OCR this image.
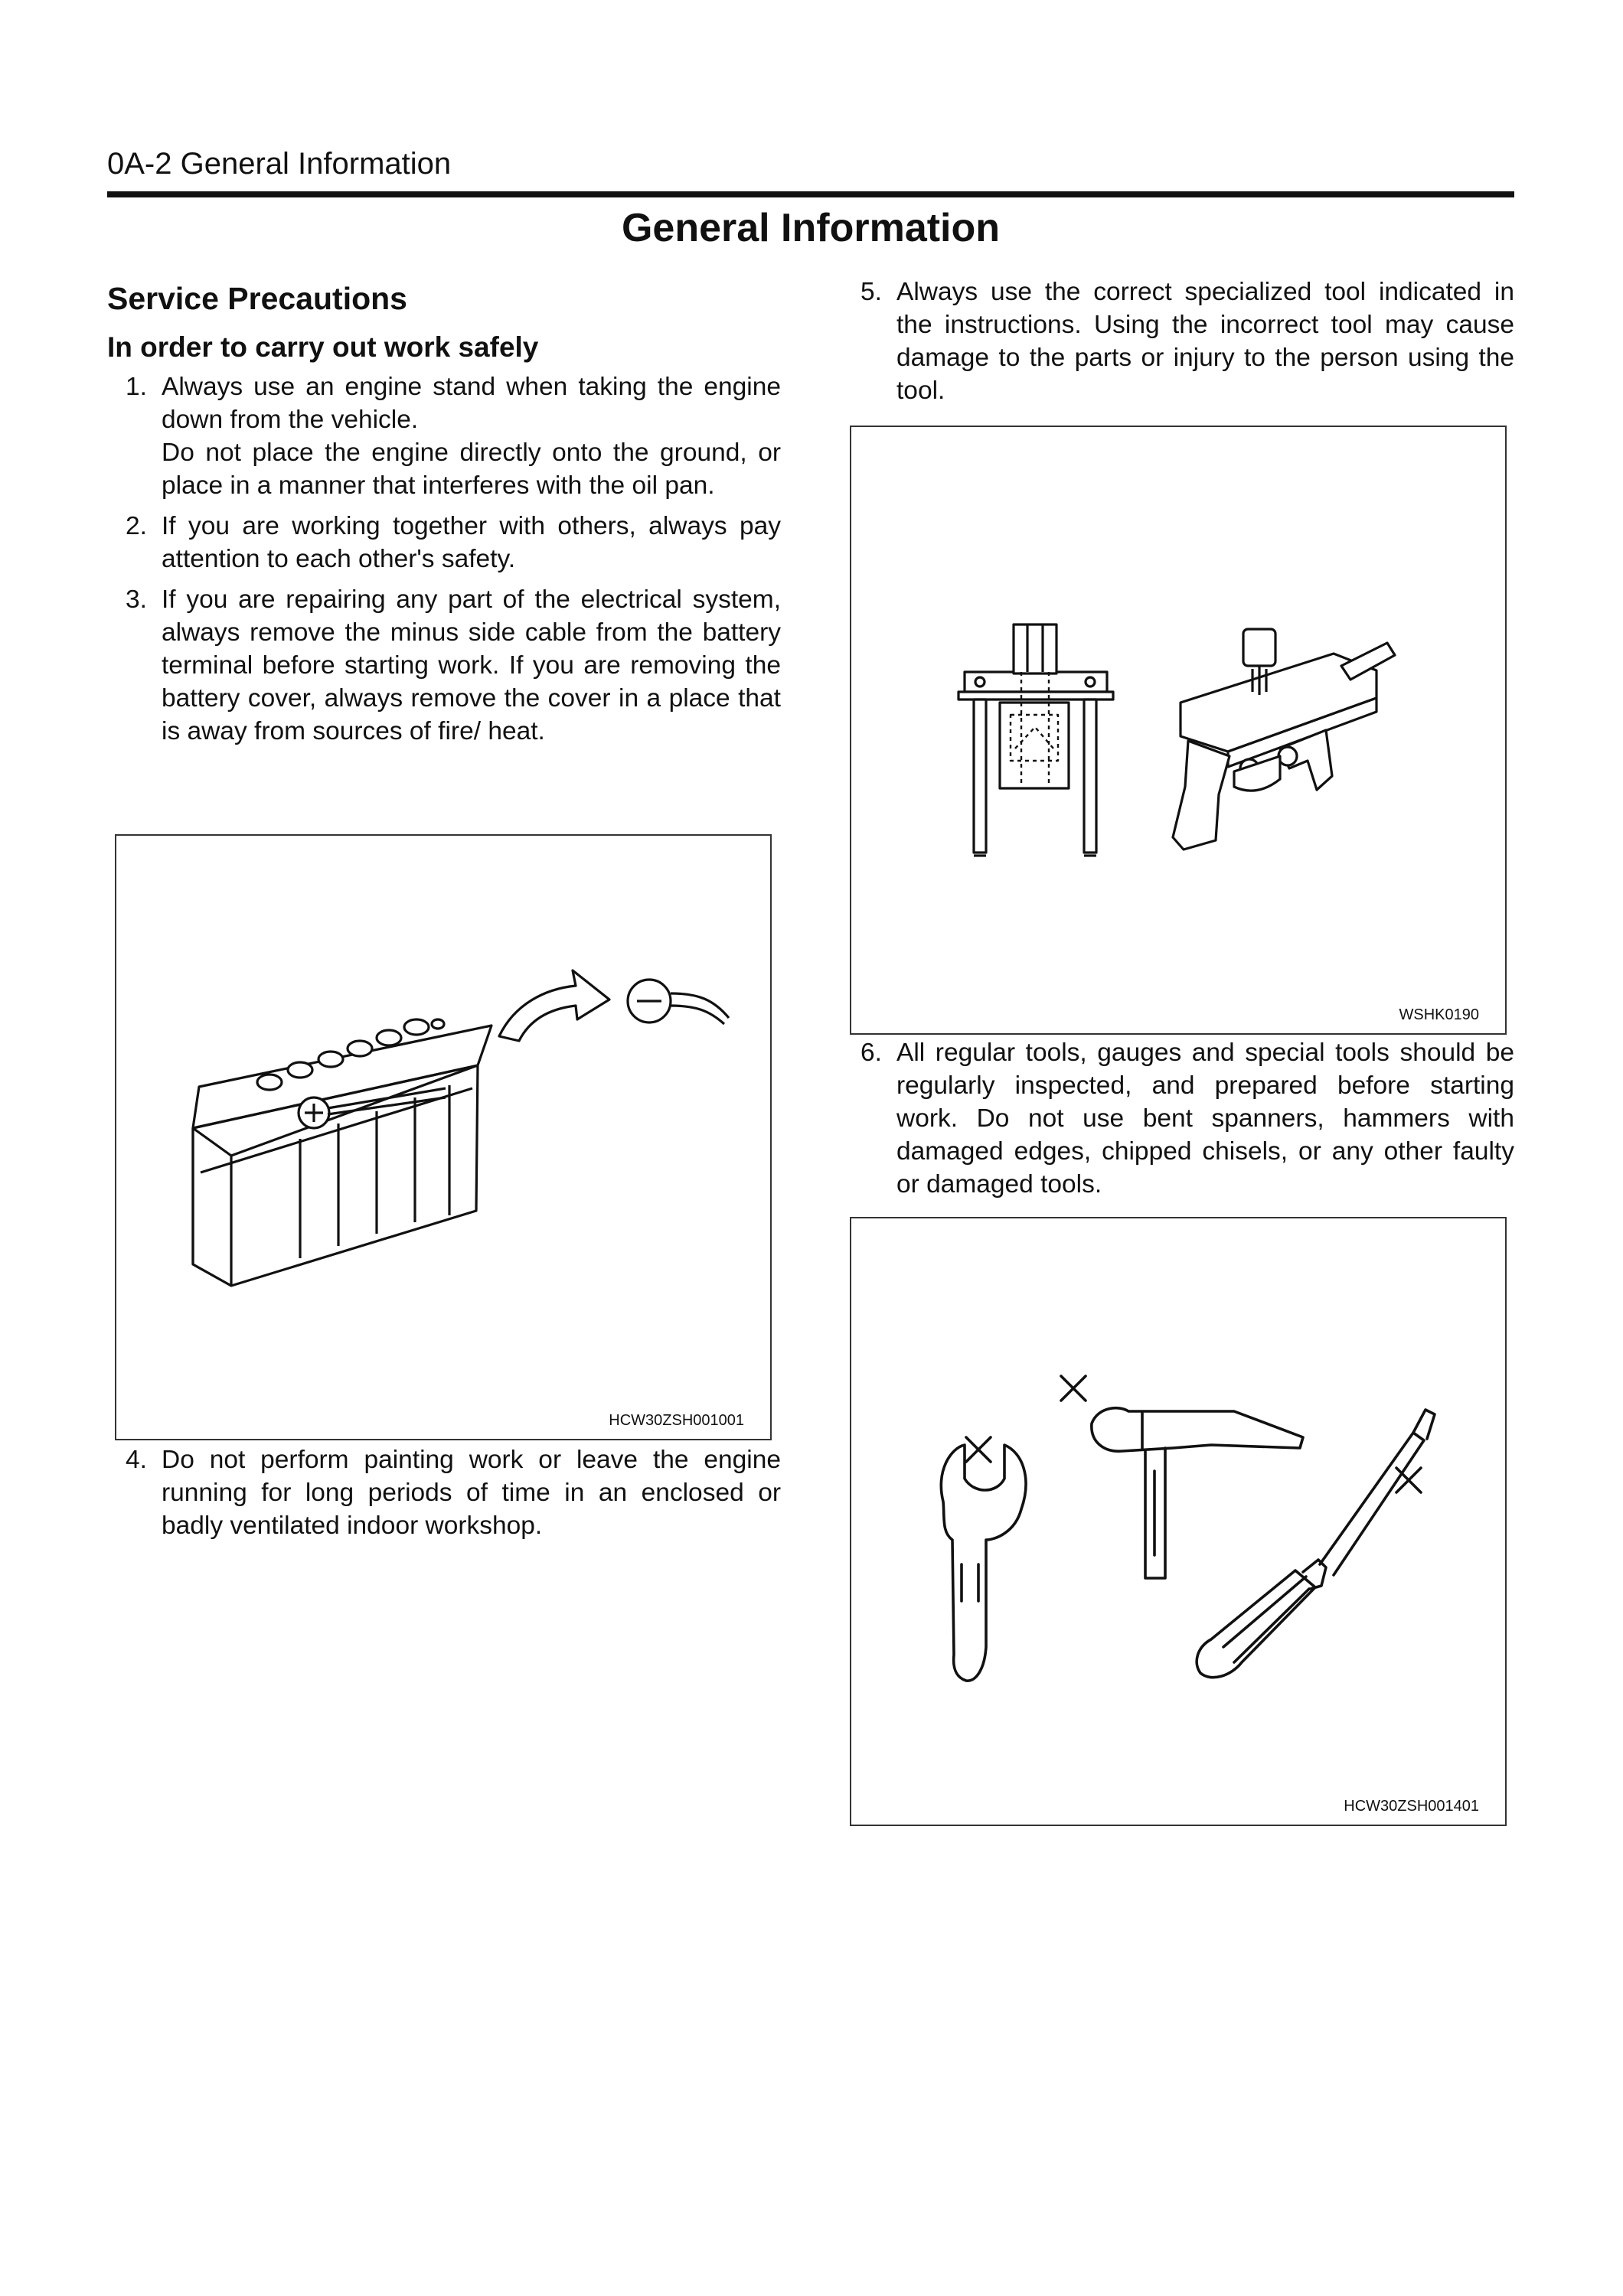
0A-2 General Information
General Information
Service Precautions
In order to carry out work safely
1. Always use an engine stand when taking the engine down from the vehicle.
Do not place the engine directly onto the ground, or place in a manner that interferes with the oil pan.
2. If you are working together with others, always pay attention to each other's safety.
3. If you are repairing any part of the electrical system, always remove the minus side cable from the battery terminal before starting work. If you are removing the battery cover, always remove the cover in a place that is away from sources of fire/ heat.
HCW30ZSH001001
4. Do not perform painting work or leave the engine running for long periods of time in an enclosed or badly ventilated indoor workshop.
5. Always use the correct specialized tool indicated in the instructions. Using the incorrect tool may cause damage to the parts or injury to the person using the tool.
WSHK0190
6. All regular tools, gauges and special tools should be regularly inspected, and prepared before starting work. Do not use bent spanners, hammers with damaged edges, chipped chisels, or any other faulty or damaged tools.
HCW30ZSH001401
